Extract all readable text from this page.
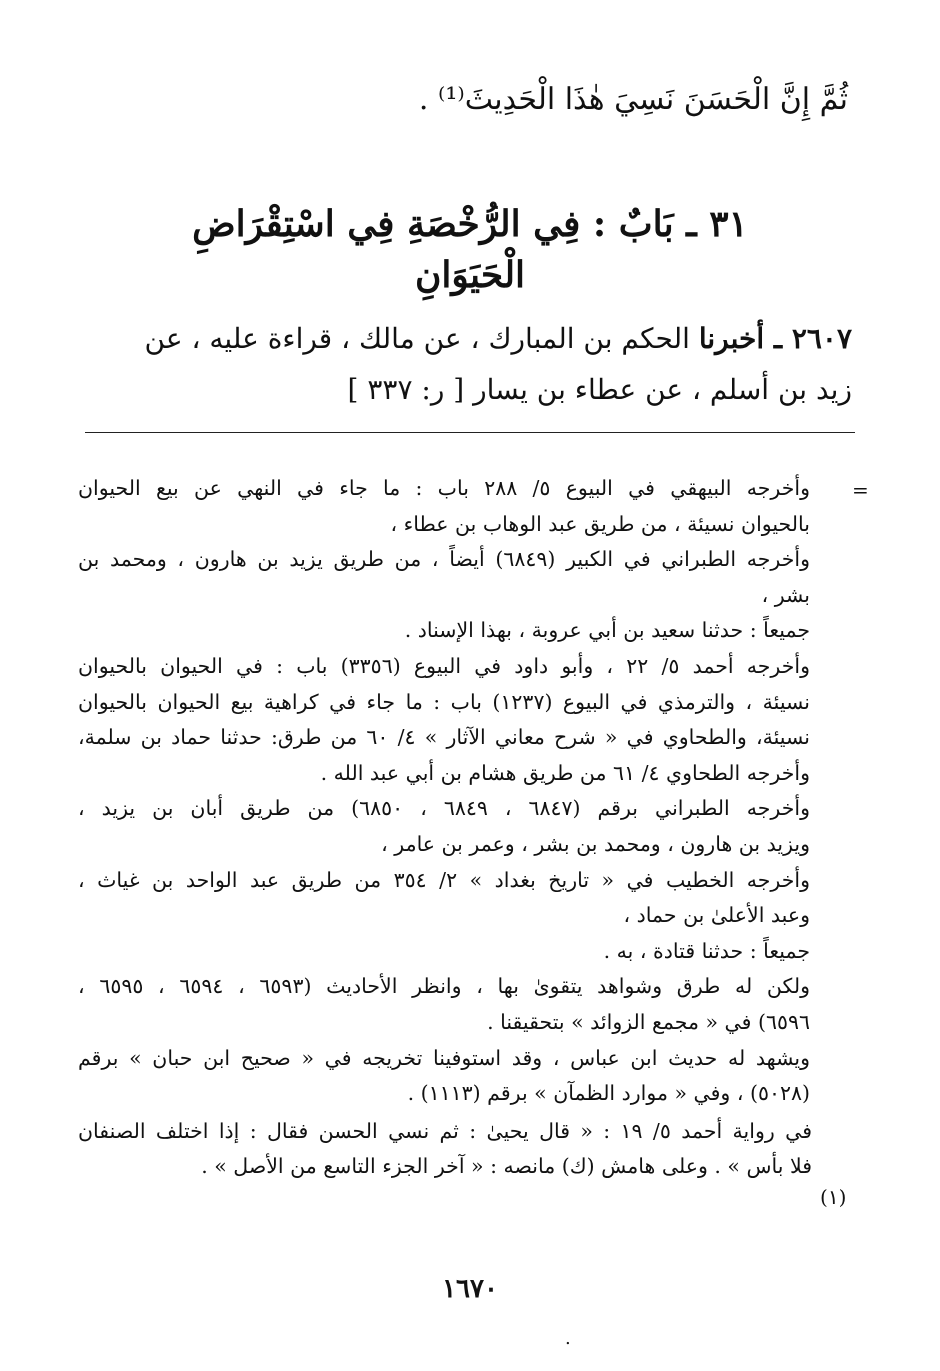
ثُمَّ إِنَّ الْحَسَنَ نَسِيَ هٰذَا الْحَدِيثَ⁽¹⁾ .
٣١ ـ بَابٌ : فِي الرُّخْصَةِ فِي اسْتِقْرَاضِ
الْحَيَوَانِ
٢٦٠٧ ـ أخبرنا الحكم بن المبارك ، عن مالك ، قراءة عليه ، عن
زيد بن أسلم ، عن عطاء بن يسار [ ر: ٣٣٧ ]
=
وأخرجه البيهقي في البيوع ٥/ ٢٨٨ باب : ما جاء في النهي عن بيع الحيوان
بالحيوان نسيئة ، من طريق عبد الوهاب بن عطاء ،
وأخرجه الطبراني في الكبير (٦٨٤٩) أيضاً ، من طريق يزيد بن هارون ، ومحمد بن
بشر ،
جميعاً : حدثنا سعيد بن أبي عروبة ، بهذا الإسناد .
وأخرجه أحمد ٥/ ٢٢ ، وأبو داود في البيوع (٣٣٥٦) باب : في الحيوان بالحيوان
نسيئة ، والترمذي في البيوع (١٢٣٧) باب : ما جاء في كراهية بيع الحيوان بالحيوان
نسيئة، والطحاوي في « شرح معاني الآثار » ٤/ ٦٠ من طرق: حدثنا حماد بن سلمة،
وأخرجه الطحاوي ٤/ ٦١ من طريق هشام بن أبي عبد الله .
وأخرجه الطبراني برقم (٦٨٤٧ ، ٦٨٤٩ ، ٦٨٥٠) من طريق أبان بن يزيد ،
ويزيد بن هارون ، ومحمد بن بشر ، وعمر بن عامر ،
وأخرجه الخطيب في « تاريخ بغداد » ٢/ ٣٥٤ من طريق عبد الواحد بن غياث ،
وعبد الأعلىٰ بن حماد ،
جميعاً : حدثنا قتادة ، به .
ولكن له طرق وشواهد يتقوىٰ بها ، وانظر الأحاديث (٦٥٩٣ ، ٦٥٩٤ ، ٦٥٩٥ ،
٦٥٩٦) في « مجمع الزوائد » بتحقيقنا .
ويشهد له حديث ابن عباس ، وقد استوفينا تخريجه في « صحيح ابن حبان » برقم
(٥٠٢٨) ، وفي « موارد الظمآن » برقم (١١١٣) .
في رواية أحمد ٥/ ١٩ : « قال يحيىٰ : ثم نسي الحسن فقال : إذا اختلف الصنفان
فلا بأس » . وعلى هامش (ك) مانصه : « آخر الجزء التاسع من الأصل » .
(١)
١٦٧٠
.
